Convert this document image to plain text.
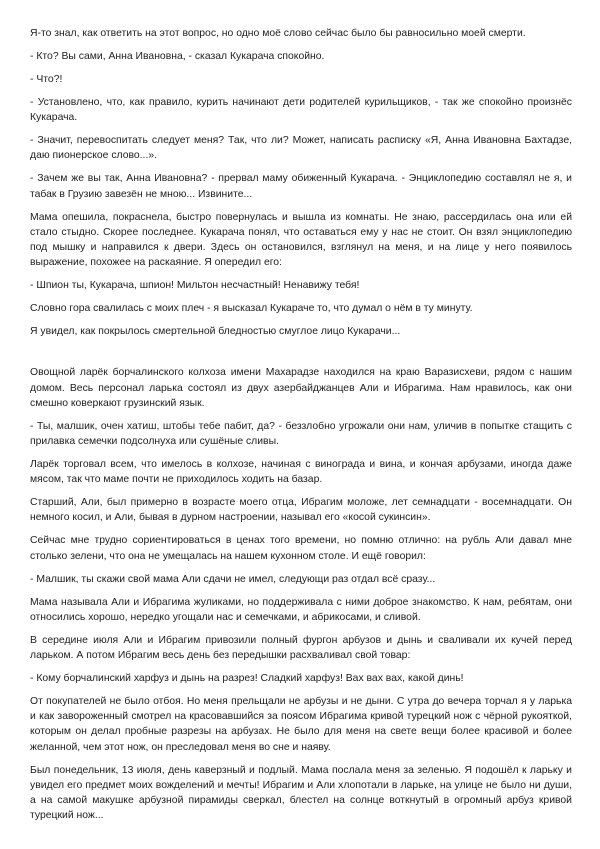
Я-то знал, как ответить на этот вопрос, но одно моё слово сейчас было бы равносильно моей смерти.

- Кто? Вы сами, Анна Ивановна, - сказал Кукарача спокойно.

- Что?!

- Установлено, что, как правило, курить начинают дети родителей курильщиков, - так же спокойно произнёс Кукарача.

- Значит, перевоспитать следует меня? Так, что ли? Может, написать расписку «Я, Анна Ивановна Бахтадзе, даю пионерское слово...».

- Зачем же вы так, Анна Ивановна? - прервал маму обиженный Кукарача. - Энциклопедию составлял не я, и табак в Грузию завезён не мною... Извините...

Мама опешила, покраснела, быстро повернулась и вышла из комнаты. Не знаю, рассердилась она или ей стало стыдно. Скорее последнее. Кукарача понял, что оставаться ему у нас не стоит. Он взял энциклопедию под мышку и направился к двери. Здесь он остановился, взглянул на меня, и на лице у него появилось выражение, похожее на раскаяние. Я опередил его:

- Шпион ты, Кукарача, шпион! Мильтон несчастный! Ненавижу тебя!

Словно гора свалилась с моих плеч - я высказал Кукараче то, что думал о нём в ту минуту.

Я увидел, как покрылось смертельной бледностью смуглое лицо Кукарачи...

Овощной ларёк борчалинского колхоза имени Махарадзе находился на краю Варазисхеви, рядом с нашим домом. Весь персонал ларька состоял из двух азербайджанцев Али и Ибрагима. Нам нравилось, как они смешно коверкают грузинский язык.

- Ты, малшик, очен хатиш, штобы тебе пабит, да? - беззлобно угрожали они нам, уличив в попытке стащить с прилавка семечки подсолнуха или сушёные сливы.

Ларёк торговал всем, что имелось в колхозе, начиная с винограда и вина, и кончая арбузами, иногда даже мясом, так что маме почти не приходилось ходить на базар.

Старший, Али, был примерно в возрасте моего отца, Ибрагим моложе, лет семнадцати - восемнадцати. Он немного косил, и Али, бывая в дурном настроении, называл его «косой сукинсин».

Сейчас мне трудно сориентироваться в ценах того времени, но помню отлично: на рубль Али давал мне столько зелени, что она не умещалась на нашем кухонном столе. И ещё говорил:

- Малшик, ты скажи свой мама Али сдачи не имел, следующи раз отдал всё сразу...

Мама называла Али и Ибрагима жуликами, но поддерживала с ними доброе знакомство. К нам, ребятам, они относились хорошо, нередко угощали нас и семечками, и абрикосами, и сливой.

В середине июля Али и Ибрагим привозили полный фургон арбузов и дынь и сваливали их кучей перед ларьком. А потом Ибрагим весь день без передышки расхваливал свой товар:

- Кому борчалинский харфуз и дынь на разрез! Сладкий харфуз! Вах вах вах, какой динь!

От покупателей не было отбоя. Но меня прельщали не арбузы и не дыни. С утра до вечера торчал я у ларька и как завороженный смотрел на красовавшийся за поясом Ибрагима кривой турецкий нож с чёрной рукояткой, которым он делал пробные разрезы на арбузах. Не было для меня на свете вещи более красивой и более желанной, чем этот нож, он преследовал меня во сне и наяву.

Был понедельник, 13 июля, день каверзный и подлый. Мама послала меня за зеленью. Я подошёл к ларьку и увидел его предмет моих вожделений и мечты! Ибрагим и Али хлопотали в ларьке, на улице не было ни души, а на самой макушке арбузной пирамиды сверкал, блестел на солнце воткнутый в огромный арбуз кривой турецкий нож...
